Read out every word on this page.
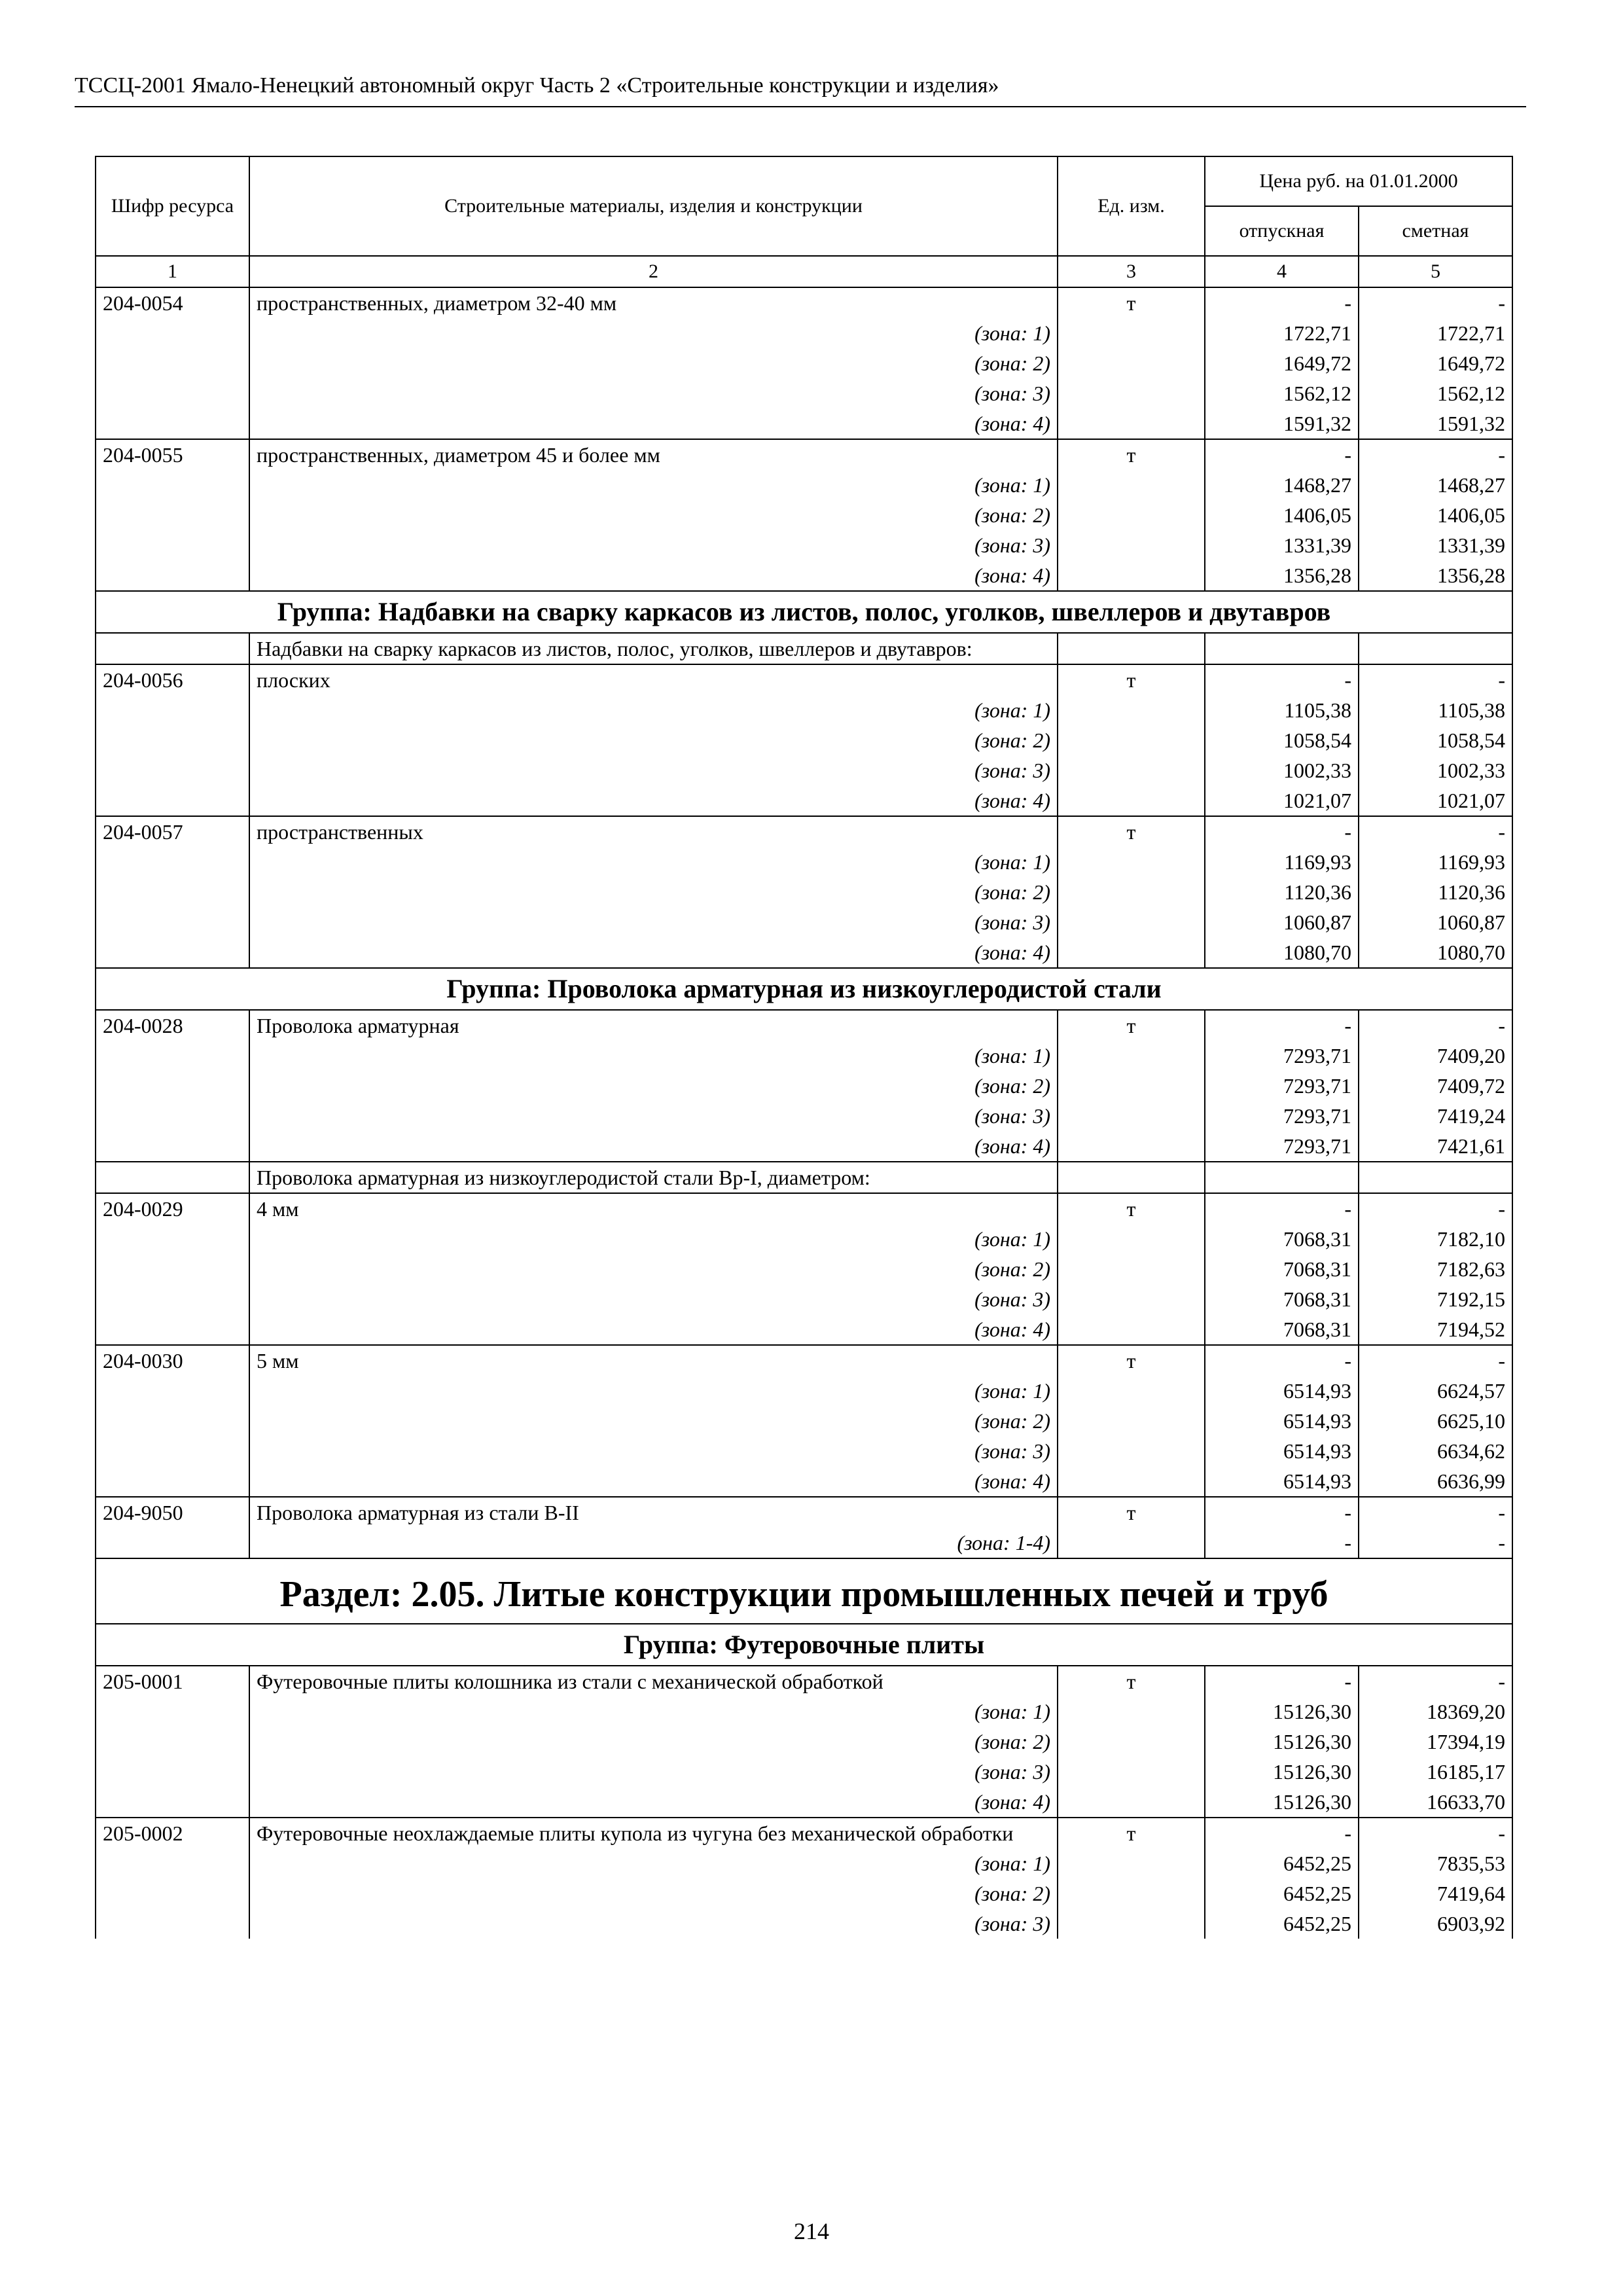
ТССЦ-2001 Ямало-Ненецкий автономный округ Часть 2 «Строительные конструкции и изделия»
Шифр ресурса	Строительные материалы, изделия и конструкции	Ед. изм.	Цена руб. на 01.01.2000	
			отпускная	сметная
1	2	3	4	5
204-0054	пространственных, диаметром 32-40 мм	т	-	-
	(зона: 1)		1722,71	1722,71
	(зона: 2)		1649,72	1649,72
	(зона: 3)		1562,12	1562,12
	(зона: 4)		1591,32	1591,32
204-0055	пространственных, диаметром 45 и более мм	т	-	-
	(зона: 1)		1468,27	1468,27
	(зона: 2)		1406,05	1406,05
	(зона: 3)		1331,39	1331,39
	(зона: 4)		1356,28	1356,28
Группа: Надбавки на сварку каркасов из листов, полос, уголков, швеллеров и двутавров				
	Надбавки на сварку каркасов из листов, полос, уголков, швеллеров и двутавров:			
204-0056	плоских	т	-	-
	(зона: 1)		1105,38	1105,38
	(зона: 2)		1058,54	1058,54
	(зона: 3)		1002,33	1002,33
	(зона: 4)		1021,07	1021,07
204-0057	пространственных	т	-	-
	(зона: 1)		1169,93	1169,93
	(зона: 2)		1120,36	1120,36
	(зона: 3)		1060,87	1060,87
	(зона: 4)		1080,70	1080,70
Группа: Проволока арматурная из низкоуглеродистой стали				
204-0028	Проволока арматурная	т	-	-
	(зона: 1)		7293,71	7409,20
	(зона: 2)		7293,71	7409,72
	(зона: 3)		7293,71	7419,24
	(зона: 4)		7293,71	7421,61
	Проволока арматурная из низкоуглеродистой стали Вр-I, диаметром:			
204-0029	4 мм	т	-	-
	(зона: 1)		7068,31	7182,10
	(зона: 2)		7068,31	7182,63
	(зона: 3)		7068,31	7192,15
	(зона: 4)		7068,31	7194,52
204-0030	5 мм	т	-	-
	(зона: 1)		6514,93	6624,57
	(зона: 2)		6514,93	6625,10
	(зона: 3)		6514,93	6634,62
	(зона: 4)		6514,93	6636,99
204-9050	Проволока арматурная из стали В-II	т	-	-
	(зона: 1-4)		-	-
Раздел: 2.05. Литые конструкции промышленных печей и труб				
Группа: Футеровочные плиты				
205-0001	Футеровочные плиты колошника из стали с механической обработкой	т	-	-
	(зона: 1)		15126,30	18369,20
	(зона: 2)		15126,30	17394,19
	(зона: 3)		15126,30	16185,17
	(зона: 4)		15126,30	16633,70
205-0002	Футеровочные неохлаждаемые плиты купола из чугуна без механической обработки	т	-	-
	(зона: 1)		6452,25	7835,53
	(зона: 2)		6452,25	7419,64
	(зона: 3)		6452,25	6903,92
214
